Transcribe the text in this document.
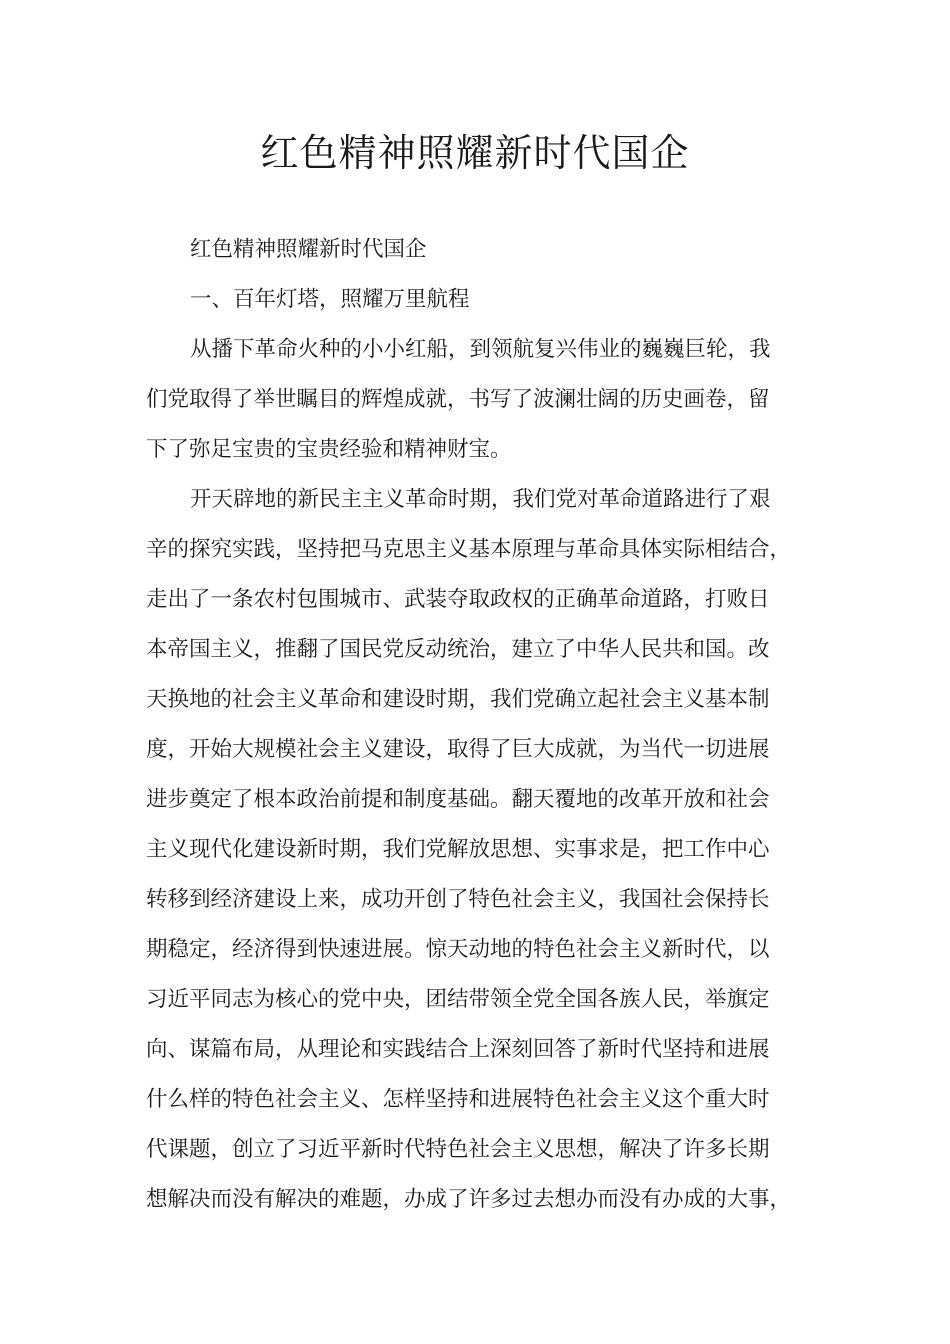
红色精神照耀新时代国企

红色精神照耀新时代国企

一、百年灯塔，照耀万里航程

从播下革命火种的小小红船，到领航复兴伟业的巍巍巨轮，我

们党取得了举世瞩目的辉煌成就，书写了波澜壮阔的历史画卷，留

下了弥足宝贵的宝贵经验和精神财宝。

开天辟地的新民主主义革命时期，我们党对革命道路进行了艰

辛的探究实践，坚持把马克思主义基本原理与革命具体实际相结合，

走出了一条农村包围城市、武装夺取政权的正确革命道路，打败日

本帝国主义，推翻了国民党反动统治，建立了中华人民共和国。改

天换地的社会主义革命和建设时期，我们党确立起社会主义基本制

度，开始大规模社会主义建设，取得了巨大成就，为当代一切进展

进步奠定了根本政治前提和制度基础。翻天覆地的改革开放和社会

主义现代化建设新时期，我们党解放思想、实事求是，把工作中心

转移到经济建设上来，成功开创了特色社会主义，我国社会保持长

期稳定，经济得到快速进展。惊天动地的特色社会主义新时代，以

习近平同志为核心的党中央，团结带领全党全国各族人民，举旗定

向、谋篇布局，从理论和实践结合上深刻回答了新时代坚持和进展

什么样的特色社会主义、怎样坚持和进展特色社会主义这个重大时

代课题，创立了习近平新时代特色社会主义思想，解决了许多长期

想解决而没有解决的难题，办成了许多过去想办而没有办成的大事，
